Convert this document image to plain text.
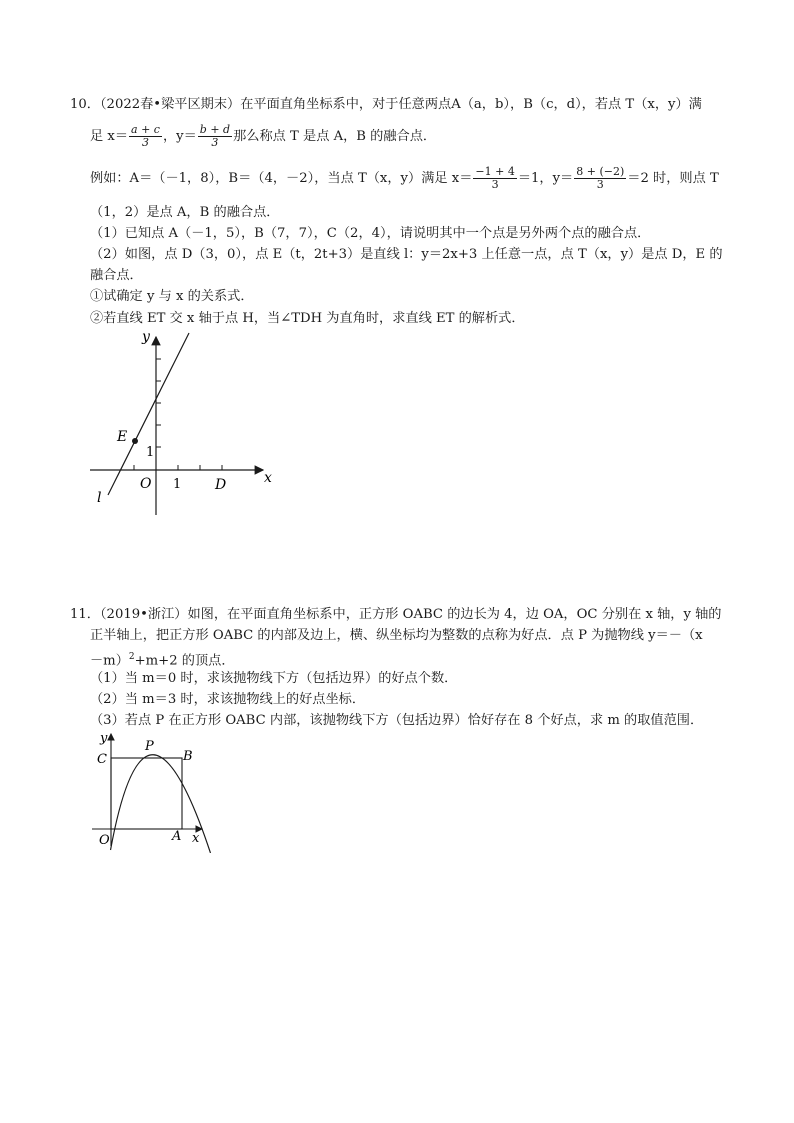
10．（2022春•梁平区期末）在平面直角坐标系中，对于任意两点A（a，b），B（c，d），若点 T（x，y）满
足 $x= \frac{a + c}{3}$ ，$y= \frac{b + d}{3}$ 那么称点 T 是点 A，B 的融合点．
例如：A＝（－1，8），B＝（4，－2），当点 T（x，y）满足 $x= \frac{-1 + 4}{3} =1$，$y= \frac{8 + (-2)}{3} =2$ 时，则点 T
（1，2）是点 A，B 的融合点．
（1）已知点 A（－1，5），B（7，7），C（2，4），请说明其中一个点是另外两个点的融合点．
（2）如图，点 D（3，0），点 E（t，2t+3）是直线 l：y＝2x+3 上任意一点，点 T（x，y）是点 D，E 的
融合点．
①试确定 y 与 x 的关系式．
②若直线 ET 交 x 轴于点 H，当∠TDH 为直角时，求直线 ET 的解析式．
y
x
O 1
1
D
E
l
11．（2019•浙江）如图，在平面直角坐标系中，正方形 OABC 的边长为 4，边 OA，OC 分别在 x 轴，y 轴的
正半轴上，把正方形 OABC 的内部及边上，横、纵坐标均为整数的点称为好点．点 P 为抛物线 y＝－（x
－m）$^2$+m+2 的顶点．
（1）当 m＝0 时，求该抛物线下方（包括边界）的好点个数．
（2）当 m＝3 时，求该抛物线上的好点坐标．
（3）若点 P 在正方形 OABC 内部，该抛物线下方（包括边界）恰好存在 8 个好点，求 m 的取值范围．
y
x
O
P
B
C
A
